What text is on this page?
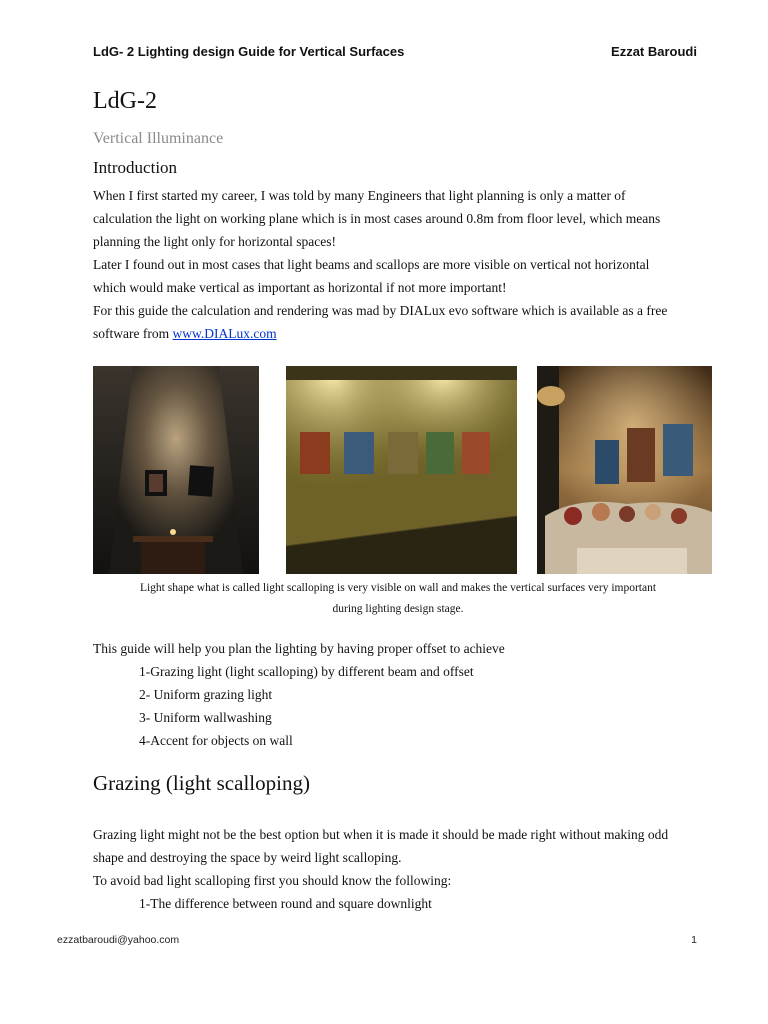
LdG- 2 Lighting design Guide for Vertical Surfaces	Ezzat Baroudi
LdG-2
Vertical Illuminance
Introduction

When I first started my career, I was told by many Engineers that light planning is only a matter of

calculation the light on working plane which is in most cases around 0.8m from floor level, which means

planning the light only for horizontal spaces!

Later I found out in most cases that light beams and scallops are more visible on vertical not horizontal

which would make vertical as important as horizontal if not more important!

For this guide the calculation and rendering was mad by DIALux evo software which is available as a free

software from www.DIALux.com

Light shape what is called light scalloping is very visible on wall and makes the vertical surfaces very important
during lighting design stage.
This guide will help you plan the lighting by having proper offset to achieve
1-Grazing light (light scalloping) by different beam and offset
2- Uniform grazing light
3- Uniform wallwashing
4-Accent for objects on wall
Grazing (light scalloping)
Grazing light might not be the best option but when it is made it should be made right without making odd
shape and destroying the space by weird light scalloping.
To avoid bad light scalloping first you should know the following:
1-The difference between round and square downlight
ezzatbaroudi@yahoo.com	1
